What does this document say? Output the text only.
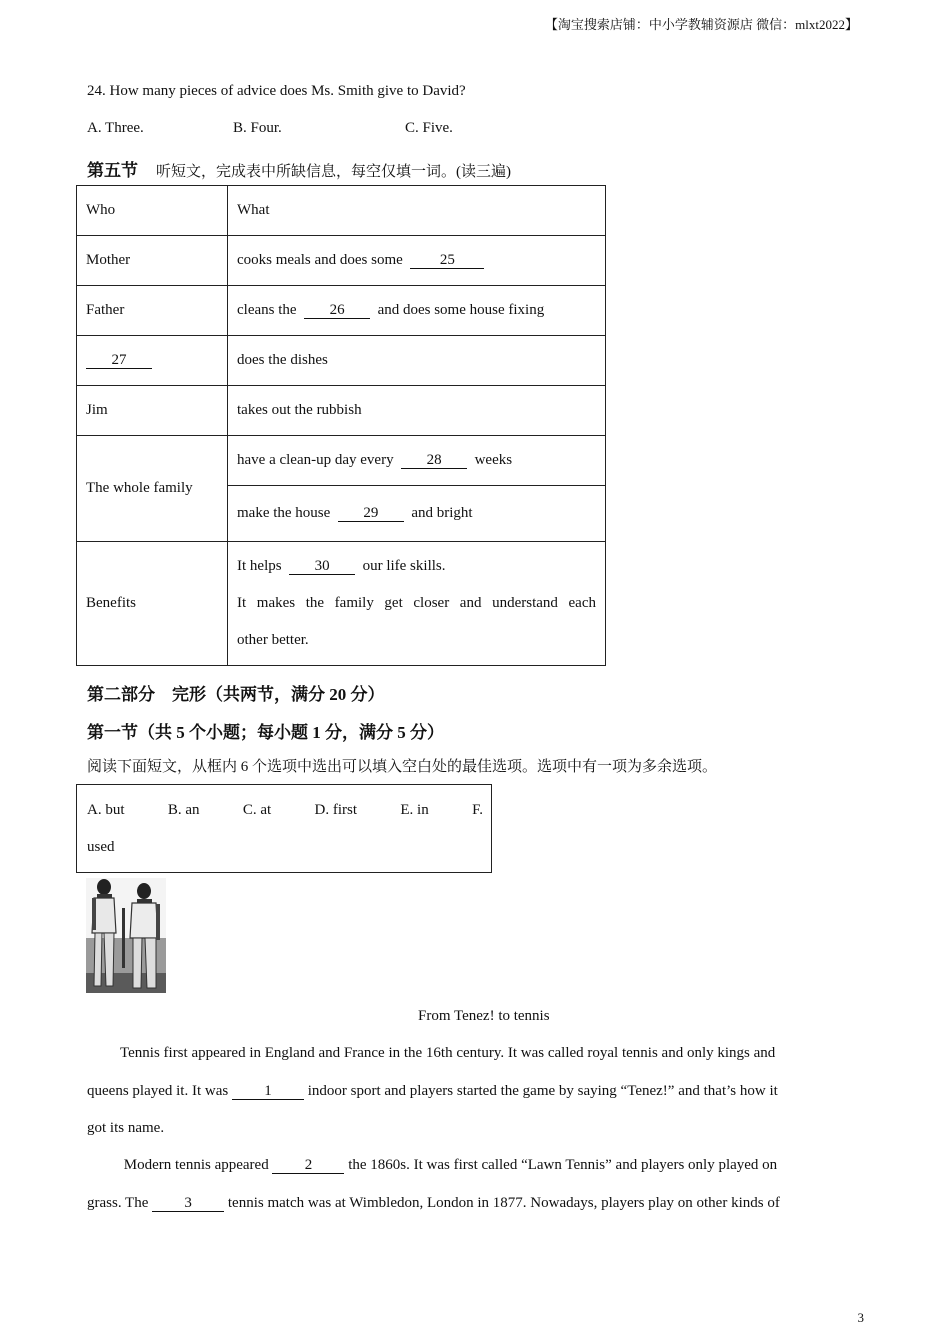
【淘宝搜索店铺：中小学教辅资源店 微信：mlxt2022】
24. How many pieces of advice does Ms. Smith give to David?
A. Three.	B. Four.	C. Five.
第五节 听短文，完成表中所缺信息，每空仅填一词。(读三遍)
Who	What
Mother	cooks meals and does some 25
Father	cleans the 26 and does some house fixing
27	does the dishes
Jim	takes out the rubbish
The whole family	have a clean-up day every 28 weeks
	make the house 29 and bright
Benefits	It helps 30 our life skills.
It makes the family get closer and understand each
other better.
第二部分　完形（共两节，满分 20 分）
第一节（共 5 个小题；每小题 1 分，满分 5 分）
阅读下面短文，从框内 6 个选项中选出可以填入空白处的最佳选项。选项中有一项为多余选项。
A. but	B. an	C. at	D. first	E. in	F.
used
From Tenez! to tennis
Tennis first appeared in England and France in the 16th century. It was called royal tennis and only kings and
queens played it. It was 1 indoor sport and players started the game by saying “Tenez!” and that’s how it
got its name.
Modern tennis appeared 2 the 1860s. It was first called “Lawn Tennis” and players only played on
grass. The 3 tennis match was at Wimbledon, London in 1877. Nowadays, players play on other kinds of
3
